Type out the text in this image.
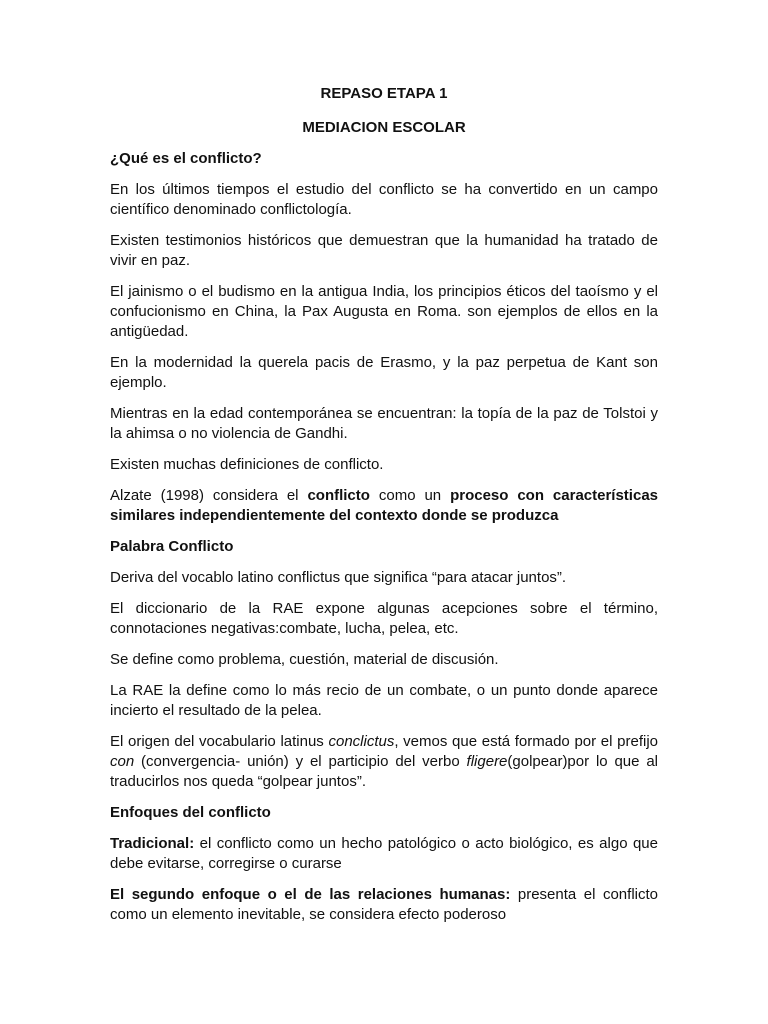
REPASO ETAPA 1
MEDIACION ESCOLAR
¿Qué es el conflicto?

En los últimos tiempos el estudio del conflicto se ha convertido en un campo científico denominado conflictología.

Existen testimonios históricos que demuestran que la humanidad ha tratado de vivir en paz.

El jainismo o el budismo en la antigua India, los principios éticos del taoísmo y el confucionismo en China, la Pax Augusta en Roma. son ejemplos de ellos en la antigüedad.

En la modernidad la querela pacis de Erasmo, y la paz perpetua de Kant son ejemplo.

Mientras en la edad contemporánea se encuentran: la topía de la paz de Tolstoi y la ahimsa o no violencia de Gandhi.

Existen muchas definiciones de conflicto.

Alzate (1998) considera el conflicto como un proceso con características similares independientemente del contexto donde se produzca

Palabra Conflicto

Deriva del vocablo latino conflictus que significa “para atacar juntos”.

El diccionario de la RAE expone algunas acepciones sobre el término, connotaciones negativas:combate, lucha, pelea, etc.

Se define como problema, cuestión, material de discusión.

La RAE la define como lo más recio de un combate, o un punto donde aparece incierto el resultado de la pelea.

El origen del vocabulario latinus conclictus, vemos que está formado por el prefijo con (convergencia- unión) y el participio del verbo fligere(golpear)por lo que al traducirlos nos queda “golpear juntos”.

Enfoques del conflicto

Tradicional: el conflicto como un hecho patológico o acto biológico, es algo que debe evitarse, corregirse o curarse

El segundo enfoque o el de las relaciones humanas: presenta el conflicto como un elemento inevitable, se considera efecto poderoso
